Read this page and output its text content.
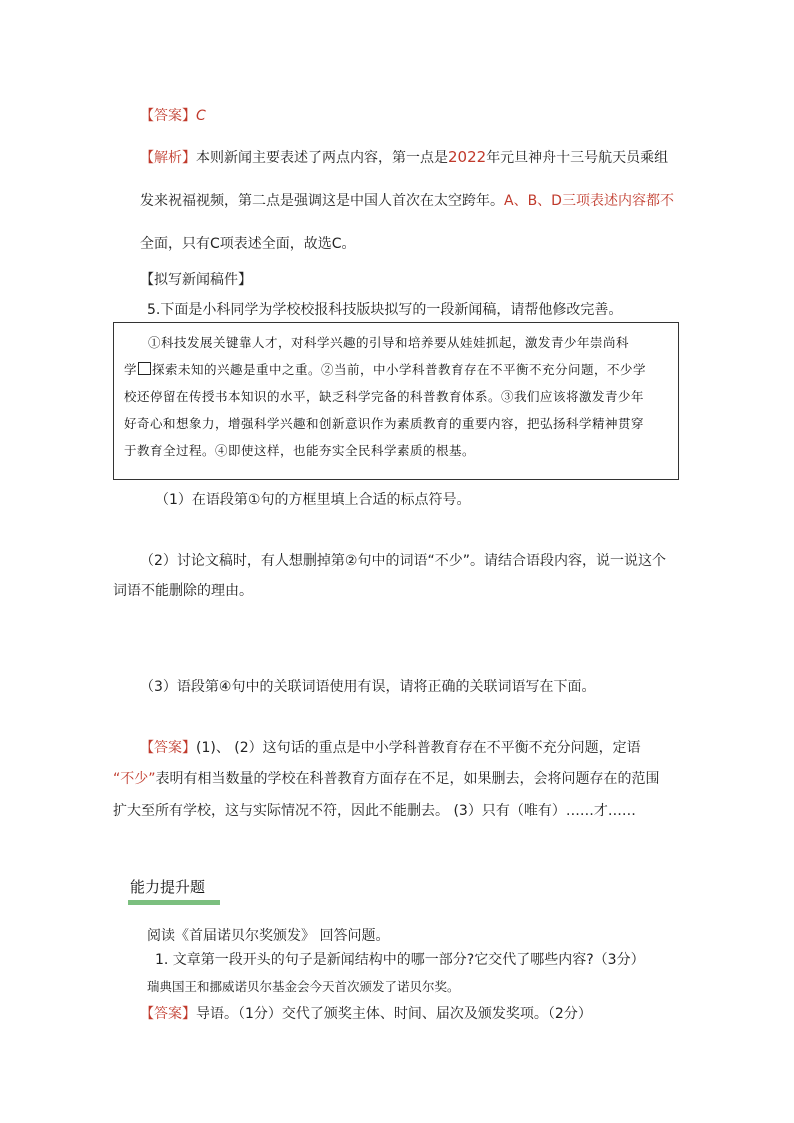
【答案】C
【解析】本则新闻主要表述了两点内容，第一点是2022年元旦神舟十三号航天员乘组
发来祝福视频，第二点是强调这是中国人首次在太空跨年。A、B、D三项表述内容都不
全面，只有C项表述全面，故选C。
【拟写新闻稿件】
5.下面是小科同学为学校校报科技版块拟写的一段新闻稿，请帮他修改完善。
①科技发展关键靠人才，对科学兴趣的引导和培养要从娃娃抓起，激发青少年崇尚科
学 探索未知的兴趣是重中之重。②当前，中小学科普教育存在不平衡不充分问题，不少学
校还停留在传授书本知识的水平，缺乏科学完备的科普教育体系。③我们应该将激发青少年
好奇心和想象力，增强科学兴趣和创新意识作为素质教育的重要内容，把弘扬科学精神贯穿
于教育全过程。④即使这样，也能夯实全民科学素质的根基。
（1）在语段第①句的方框里填上合适的标点符号。
（2）讨论文稿时，有人想删掉第②句中的词语“不少”。请结合语段内容，说一说这个
词语不能删除的理由。
（3）语段第④句中的关联词语使用有误，请将正确的关联词语写在下面。
【答案】(1)、 (2）这句话的重点是中小学科普教育存在不平衡不充分问题，定语
“不少”表明有相当数量的学校在科普教育方面存在不足，如果删去，会将问题存在的范围
扩大至所有学校，这与实际情况不符，因此不能删去。 (3）只有（唯有）……才……
能力提升题
阅读《首届诺贝尔奖颁发》 回答问题。
1. 文章第一段开头的句子是新闻结构中的哪一部分?它交代了哪些内容?（3分）
瑞典国王和挪威诺贝尔基金会今天首次颁发了诺贝尔奖。
【答案】导语。（1分）交代了颁奖主体、时间、届次及颁发奖项。（2分）
